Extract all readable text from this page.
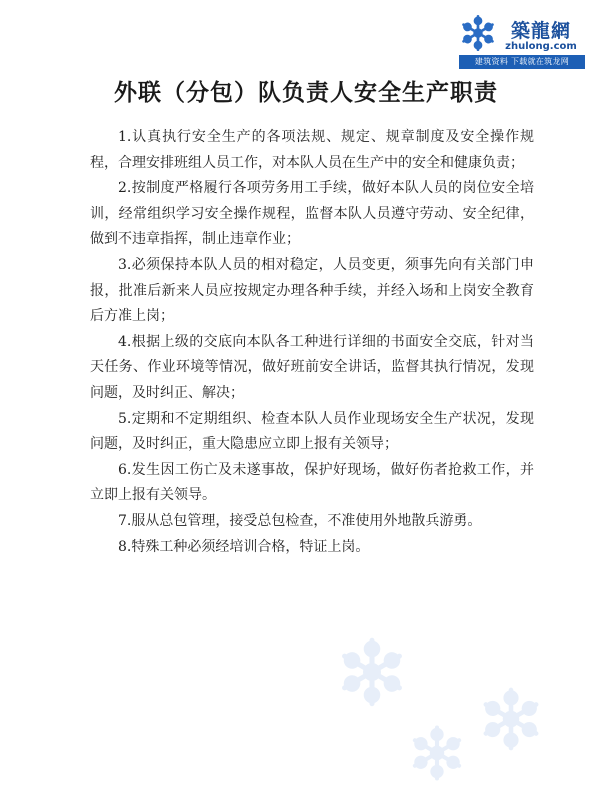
築龍網
zhulong.com
建筑资料 下载就在筑龙网
外联（分包）队负责人安全生产职责

1.认真执行安全生产的各项法规、规定、规章制度及安全操作规程，合理安排班组人员工作，对本队人员在生产中的安全和健康负责；

2.按制度严格履行各项劳务用工手续，做好本队人员的岗位安全培训，经常组织学习安全操作规程，监督本队人员遵守劳动、安全纪律，做到不违章指挥，制止违章作业；

3.必须保持本队人员的相对稳定，人员变更，须事先向有关部门申报，批准后新来人员应按规定办理各种手续，并经入场和上岗安全教育后方准上岗；

4.根据上级的交底向本队各工种进行详细的书面安全交底，针对当天任务、作业环境等情况，做好班前安全讲话，监督其执行情况，发现问题，及时纠正、解决；

5.定期和不定期组织、检查本队人员作业现场安全生产状况，发现问题，及时纠正，重大隐患应立即上报有关领导；

6.发生因工伤亡及未遂事故，保护好现场，做好伤者抢救工作，并立即上报有关领导。

7.服从总包管理，接受总包检查，不准使用外地散兵游勇。

8.特殊工种必须经培训合格，特证上岗。
